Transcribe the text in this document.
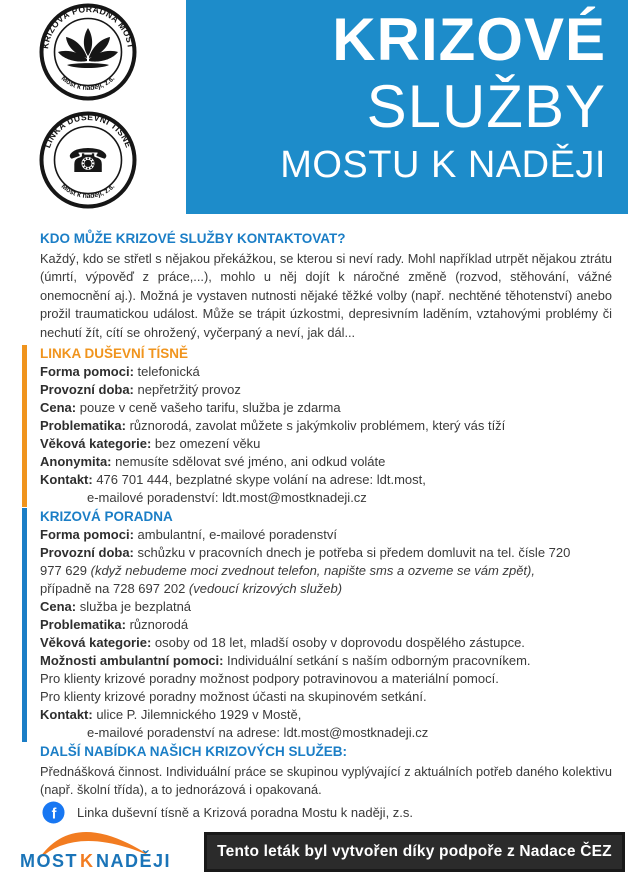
KRIZOVÉ
SLUŽBY
MOSTU K NADĚJI
KRIZOVÁ PORADNA MOST
Most k naději, z.s.
LINKA DUŠEVNÍ TÍSNĚ
Most k naději, z.s.
☎
KDO MŮŽE KRIZOVÉ SLUŽBY KONTAKTOVAT?
Každý, kdo se střetl s nějakou překážkou, se kterou si neví rady. Mohl například utrpět nějakou ztrátu (úmrtí, výpověď z práce,...), mohlo u něj dojít k náročné změně (rozvod, stěhování, vážné onemocnění aj.). Možná je vystaven nutnosti nějaké těžké volby (např. nechtěné těhotenství) anebo prožil traumatickou událost. Může se trápit úzkostmi, depresivním laděním, vztahovými problémy či nechutí žít, cítí se ohrožený, vyčerpaný a neví, jak dál...
LINKA DUŠEVNÍ TÍSNĚ
Forma pomoci: telefonická
Provozní doba: nepřetržitý provoz
Cena: pouze v ceně vašeho tarifu, služba je zdarma
Problematika: různorodá, zavolat můžete s jakýmkoliv problémem, který vás tíží
Věková kategorie: bez omezení věku
Anonymita: nemusíte sdělovat své jméno, ani odkud voláte
Kontakt: 476 701 444, bezplatné skype volání na adrese: ldt.most,
e-mailové poradenství: ldt.most@mostknadeji.cz
KRIZOVÁ PORADNA
Forma pomoci: ambulantní, e-mailové poradenství
Provozní doba: schůzku v pracovních dnech je potřeba si předem domluvit na tel. čísle 720 977 629 (když nebudeme moci zvednout telefon, napište sms a ozveme se vám zpět),
případně na 728 697 202 (vedoucí krizových služeb)
Cena: služba je bezplatná
Problematika: různorodá
Věková kategorie: osoby od 18 let, mladší osoby v doprovodu dospělého zástupce.
Možnosti ambulantní pomoci: Individuální setkání s naším odborným pracovníkem.
Pro klienty krizové poradny možnost podpory potravinovou a materiální pomocí.
Pro klienty krizové poradny možnost účasti na skupinovém setkání.
Kontakt: ulice P. Jilemnického 1929 v Mostě,
e-mailové poradenství na adrese: ldt.most@mostknadeji.cz
DALŠÍ NABÍDKA NAŠICH KRIZOVÝCH SLUŽEB:
Přednášková činnost. Individuální práce se skupinou vyplývající z aktuálních potřeb daného kolektivu (např. školní třída), a to jednorázová i opakovaná.
f Linka duševní tísně a Krizová poradna Mostu k naději, z.s.
MOST K NADĚJI	Tento leták byl vytvořen díky podpoře z Nadace ČEZ
